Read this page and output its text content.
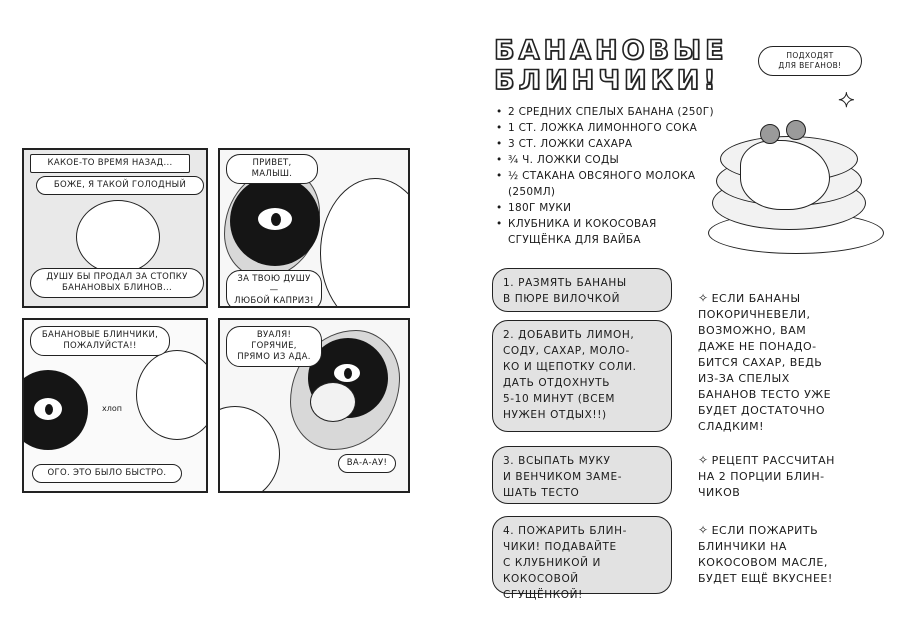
КАКОЕ-ТО ВРЕМЯ НАЗАД...
БОЖЕ, Я ТАКОЙ ГОЛОДНЫЙ
ДУШУ БЫ ПРОДАЛ ЗА СТОПКУ
БАНАНОВЫХ БЛИНОВ...
ПРИВЕТ, МАЛЫШ.
ЗА ТВОЮ ДУШУ—
ЛЮБОЙ КАПРИЗ!
БАНАНОВЫЕ БЛИНЧИКИ,
ПОЖАЛУЙСТА!!
хлоп
ОГО. ЭТО БЫЛО БЫСТРО.
ВУАЛЯ! ГОРЯЧИЕ,
ПРЯМО ИЗ АДА.
ВА-А-АУ!
БАНАНОВЫЕ
БЛИНЧИКИ!
ПОДХОДЯТ
ДЛЯ ВЕГАНОВ!
✦
• 2 СРЕДНИХ СПЕЛЫХ БАНАНА (250Г)
• 1 СТ. ЛОЖКА ЛИМОННОГО СОКА
• 3 СТ. ЛОЖКИ САХАРА
• ¾ Ч. ЛОЖКИ СОДЫ
• ½ СТАКАНА ОВСЯНОГО МОЛОКА
(250МЛ)
• 180Г МУКИ
• КЛУБНИКА И КОКОСОВАЯ
СГУЩЁНКА ДЛЯ ВАЙБА
1. РАЗМЯТЬ БАНАНЫ
В ПЮРЕ ВИЛОЧКОЙ
2. ДОБАВИТЬ ЛИМОН,
СОДУ, САХАР, МОЛО-
КО И ЩЕПОТКУ СОЛИ.
ДАТЬ ОТДОХНУТЬ
5-10 МИНУТ (ВСЕМ
НУЖЕН ОТДЫХ!!)
3. ВСЫПАТЬ МУКУ
И ВЕНЧИКОМ ЗАМЕ-
ШАТЬ ТЕСТО
4. ПОЖАРИТЬ БЛИН-
ЧИКИ! ПОДАВАЙТЕ
С КЛУБНИКОЙ И
КОКОСОВОЙ СГУЩЁНКОЙ!

✧ ЕСЛИ БАНАНЫ
ПОКОРИЧНЕВЕЛИ,
ВОЗМОЖНО, ВАМ
ДАЖЕ НЕ ПОНАДО-
БИТСЯ САХАР, ВЕДЬ
ИЗ-ЗА СПЕЛЫХ
БАНАНОВ ТЕСТО УЖЕ
БУДЕТ ДОСТАТОЧНО
СЛАДКИМ!

✧ РЕЦЕПТ РАССЧИТАН
НА 2 ПОРЦИИ БЛИН-
ЧИКОВ

✧ ЕСЛИ ПОЖАРИТЬ
БЛИНЧИКИ НА
КОКОСОВОМ МАСЛЕ,
БУДЕТ ЕЩЁ ВКУСНЕЕ!
